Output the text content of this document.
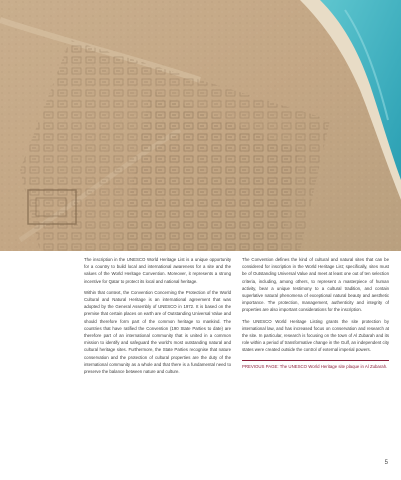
The inscription in the UNESCO World Heritage List is a unique opportunity for a country to build local and international awareness for a site and the values of the World Heritage Convention. Moreover, it represents a strong incentive for Qatar to protect its local and national heritage.

Within that context, the Convention Concerning the Protection of the World Cultural and Natural Heritage is an international agreement that was adopted by the General Assembly of UNESCO in 1972. It is based on the premise that certain places on earth are of Outstanding Universal Value and should therefore form part of the common heritage to mankind. The countries that have ratified the Convention (190 State Parties to date) are therefore part of an international community that is united in a common mission to identify and safeguard the world’s most outstanding natural and cultural heritage sites. Furthermore, the State Parties recognise that nature conservation and the protection of cultural properties are the duty of the international community as a whole and that there is a fundamental need to preserve the balance between nature and culture.

The Convention defines the kind of cultural and natural sites that can be considered for inscription in the World Heritage List; specifically, sites must be of Outstanding Universal Value and meet at least one out of ten selection criteria, including, among others, to represent a masterpiece of human activity, bear a unique testimony to a cultural tradition, and contain superlative natural phenomena of exceptional natural beauty and aesthetic importance. The protection, management, authenticity and integrity of properties are also important considerations for the inscription.

The UNESCO World Heritage Listing grants the site protection by international law, and has increased focus on conservation and research at the site. In particular, research is focusing on the town of Al Zubarah and its role within a period of transformative change in the Gulf, an independent city states were created outside the control of external imperial powers.

PREVIOUS PAGE: The UNESCO World Heritage site plaque in Al Zubarah.
5
